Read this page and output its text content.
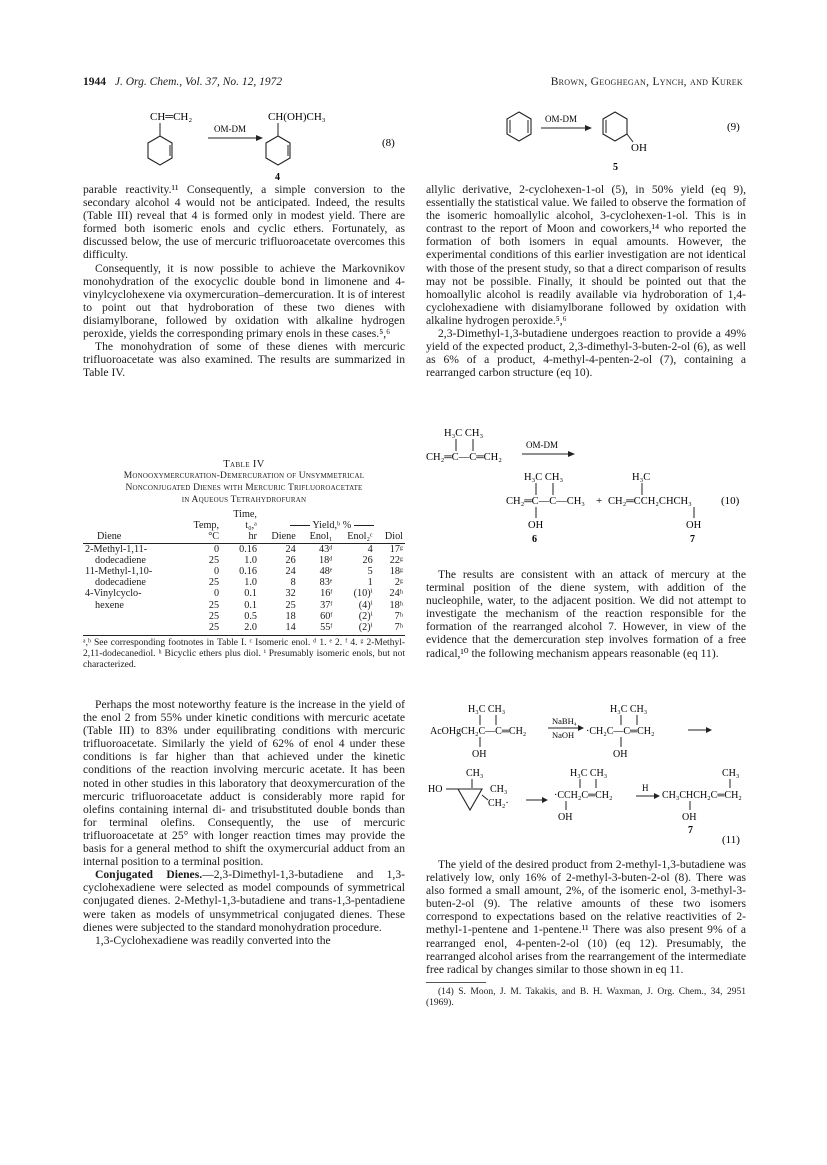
1944 J. Org. Chem., Vol. 37, No. 12, 1972	Brown, Geoghegan, Lynch, and Kurek
CH═CH₂
OM-DM
CH(OH)CH₃
4
(8)
OM-DM
OH
5
(9)

parable reactivity.¹¹ Consequently, a simple conversion to the secondary alcohol 4 would not be anticipated. Indeed, the results (Table III) reveal that 4 is formed only in modest yield. There are formed both isomeric enols and cyclic ethers. Fortunately, as discussed below, the use of mercuric trifluoroacetate overcomes this difficulty.

Consequently, it is now possible to achieve the Markovnikov monohydration of the exocyclic double bond in limonene and 4-vinylcyclohexene via oxymercuration–demercuration. It is of interest to point out that hydroboration of these two dienes with disiamylborane, followed by oxidation with alkaline hydrogen peroxide, yields the corresponding primary enols in these cases.⁵,⁶

The monohydration of some of these dienes with mercuric trifluoroacetate was also examined. The results are summarized in Table IV.

Table IV
Monooxymercuration-Demercuration of Unsymmetrical
Nonconjugated Dienes with Mercuric Trifluoroacetate
in Aqueous Tetrahydrofuran
		Time,				
	Temp,	t₀,ᵃ	Yield,ᵇ %			
Diene	°C	hr	Diene	Enol₁	Enol₂ᶜ	Diol
2-Methyl-1,11-	0	0.16	24	43ᵈ	4	17ᵍ
dodecadiene	25	1.0	26	18ᵈ	26	22ᵍ
11-Methyl-1,10-	0	0.16	24	48ᵉ	5	18ᵍ
dodecadiene	25	1.0	8	83ᵉ	1	2ᵍ
4-Vinylcyclo-	0	0.1	32	16ᶠ	(10)ⁱ	24ʰ
hexene	25	0.1	25	37ᶠ	(4)ⁱ	18ʰ
	25	0.5	18	60ᶠ	(2)ⁱ	7ʰ
	25	2.0	14	55ᶠ	(2)ⁱ	7ʰ
ᵃ,ᵇ See corresponding footnotes in Table I. ᶜ Isomeric enol. ᵈ 1. ᵉ 2. ᶠ 4. ᵍ 2-Methyl-2,11-dodecanediol. ʰ Bicyclic ethers plus diol. ⁱ Presumably isomeric enols, but not characterized.

Perhaps the most noteworthy feature is the increase in the yield of the enol 2 from 55% under kinetic conditions with mercuric acetate (Table III) to 83% under equilibrating conditions with mercuric trifluoroacetate. Similarly the yield of 62% of enol 4 under these conditions is far higher than that achieved under the kinetic conditions of the reaction involving mercuric acetate. It has been noted in other studies in this laboratory that deoxymercuration of the mercuric trifluoroacetate adduct is considerably more rapid for olefins containing internal di- and trisubstituted double bonds than for terminal olefins. Consequently, the use of mercuric trifluoroacetate at 25° with longer reaction times may provide the basis for a general method to shift the oxymercurial adduct from an internal position to a terminal position.

Conjugated Dienes.—2,3-Dimethyl-1,3-butadiene and 1,3-cyclohexadiene were selected as model compounds of symmetrical conjugated dienes. 2-Methyl-1,3-butadiene and trans-1,3-pentadiene were taken as models of unsymmetrical conjugated dienes. These dienes were subjected to the standard monohydration procedure.

1,3-Cyclohexadiene was readily converted into the

allylic derivative, 2-cyclohexen-1-ol (5), in 50% yield (eq 9), essentially the statistical value. We failed to observe the formation of the isomeric homoallylic alcohol, 3-cyclohexen-1-ol. This is in contrast to the report of Moon and coworkers,¹⁴ who reported the formation of both isomers in equal amounts. However, the experimental conditions of this earlier investigation are not identical with those of the present study, so that a direct comparison of results may not be possible. Finally, it should be pointed out that the homoallylic alcohol is readily available via hydroboration of 1,4-cyclohexadiene with disiamylborane followed by oxidation with alkaline hydrogen peroxide.⁵,⁶

2,3-Dimethyl-1,3-butadiene undergoes reaction to provide a 49% yield of the expected product, 2,3-dimethyl-3-buten-2-ol (6), as well as 6% of a product, 4-methyl-4-penten-2-ol (7), containing a rearranged carbon structure (eq 10).

H₃C CH₃
CH₂═C—C═CH₂
OM-DM
H₃C CH₃
CH₂═C—C—CH₃
OH
6
+
H₃C
CH₂═CCH₂CHCH₃
OH
7
(10)

The results are consistent with an attack of mercury at the terminal position of the diene system, with addition of the nucleophile, water, to the adjacent position. We did not attempt to investigate the mechanism of the reaction responsible for the formation of the rearranged alcohol 7. However, in view of the evidence that the demercuration step involves formation of a free radical,¹⁰ the following mechanism appears reasonable (eq 11).

H₃C CH₃
AcOHgCH₂C—C═CH₂
OH
NaBH₄
NaOH
H₃C CH₃
·CH₂C—C═CH₂
OH
CH₃
HO	CH₃
CH₂·
H₃C CH₃
·CCH₂C═CH₂
OH
H
CH₃
CH₃CHCH₂C═CH₂
OH
7
(11)

The yield of the desired product from 2-methyl-1,3-butadiene was relatively low, only 16% of 2-methyl-3-buten-2-ol (8). There was also formed a small amount, 2%, of the isomeric enol, 3-methyl-3-buten-2-ol (9). The relative amounts of these two isomers correspond to expectations based on the relative reactivities of 2-methyl-1-pentene and 1-pentene.¹¹ There was also present 9% of a rearranged enol, 4-penten-2-ol (10) (eq 12). Presumably, the rearranged alcohol arises from the rearrangement of the intermediate free radical by changes similar to those shown in eq 11.

(14) S. Moon, J. M. Takakis, and B. H. Waxman, J. Org. Chem., 34, 2951 (1969).
